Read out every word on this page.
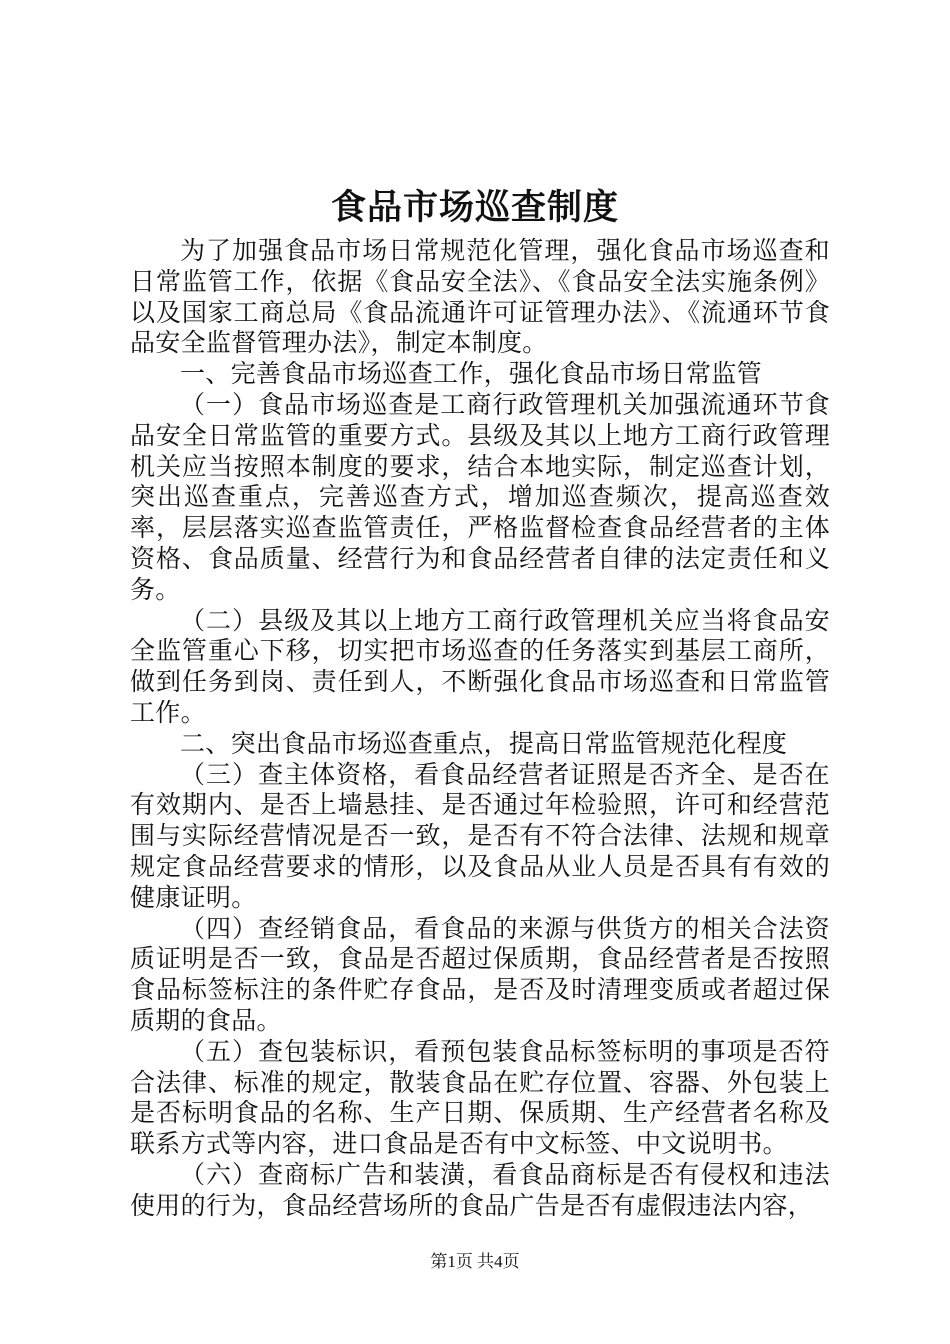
食品市场巡查制度

为了加强食品市场日常规范化管理，强化食品市场巡查和日常监管工作，依据《食品安全法》、《食品安全法实施条例》以及国家工商总局《食品流通许可证管理办法》、《流通环节食品安全监督管理办法》，制定本制度。

一、完善食品市场巡查工作，强化食品市场日常监管

（一）食品市场巡查是工商行政管理机关加强流通环节食品安全日常监管的重要方式。县级及其以上地方工商行政管理机关应当按照本制度的要求，结合本地实际，制定巡查计划，突出巡查重点，完善巡查方式，增加巡查频次，提高巡查效率，层层落实巡查监管责任，严格监督检查食品经营者的主体资格、食品质量、经营行为和食品经营者自律的法定责任和义务。

（二）县级及其以上地方工商行政管理机关应当将食品安全监管重心下移，切实把市场巡查的任务落实到基层工商所，做到任务到岗、责任到人，不断强化食品市场巡查和日常监管工作。

二、突出食品市场巡查重点，提高日常监管规范化程度

（三）查主体资格，看食品经营者证照是否齐全、是否在有效期内、是否上墙悬挂、是否通过年检验照，许可和经营范围与实际经营情况是否一致，是否有不符合法律、法规和规章规定食品经营要求的情形，以及食品从业人员是否具有有效的健康证明。

（四）查经销食品，看食品的来源与供货方的相关合法资质证明是否一致，食品是否超过保质期，食品经营者是否按照食品标签标注的条件贮存食品，是否及时清理变质或者超过保质期的食品。

（五）查包装标识，看预包装食品标签标明的事项是否符合法律、标准的规定，散装食品在贮存位置、容器、外包装上是否标明食品的名称、生产日期、保质期、生产经营者名称及联系方式等内容，进口食品是否有中文标签、中文说明书。

（六）查商标广告和装潢，看食品商标是否有侵权和违法使用的行为，食品经营场所的食品广告是否有虚假违法内容，

第1页 共4页
